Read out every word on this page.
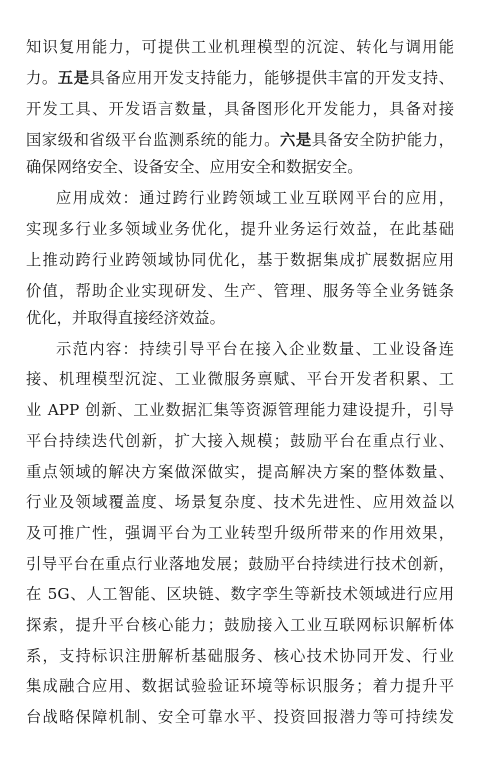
知识复用能力，可提供工业机理模型的沉淀、转化与调用能
力。五是具备应用开发支持能力，能够提供丰富的开发支持、
开发工具、开发语言数量，具备图形化开发能力，具备对接
国家级和省级平台监测系统的能力。六是具备安全防护能力，
确保网络安全、设备安全、应用安全和数据安全。
应用成效：通过跨行业跨领域工业互联网平台的应用，
实现多行业多领域业务优化，提升业务运行效益，在此基础
上推动跨行业跨领域协同优化，基于数据集成扩展数据应用
价值，帮助企业实现研发、生产、管理、服务等全业务链条
优化，并取得直接经济效益。
示范内容：持续引导平台在接入企业数量、工业设备连
接、机理模型沉淀、工业微服务禀赋、平台开发者积累、工
业 APP 创新、工业数据汇集等资源管理能力建设提升，引导
平台持续迭代创新，扩大接入规模；鼓励平台在重点行业、
重点领域的解决方案做深做实，提高解决方案的整体数量、
行业及领域覆盖度、场景复杂度、技术先进性、应用效益以
及可推广性，强调平台为工业转型升级所带来的作用效果，
引导平台在重点行业落地发展；鼓励平台持续进行技术创新，
在 5G、人工智能、区块链、数字孪生等新技术领域进行应用
探索，提升平台核心能力；鼓励接入工业互联网标识解析体
系，支持标识注册解析基础服务、核心技术协同开发、行业
集成融合应用、数据试验验证环境等标识服务；着力提升平
台战略保障机制、安全可靠水平、投资回报潜力等可持续发
